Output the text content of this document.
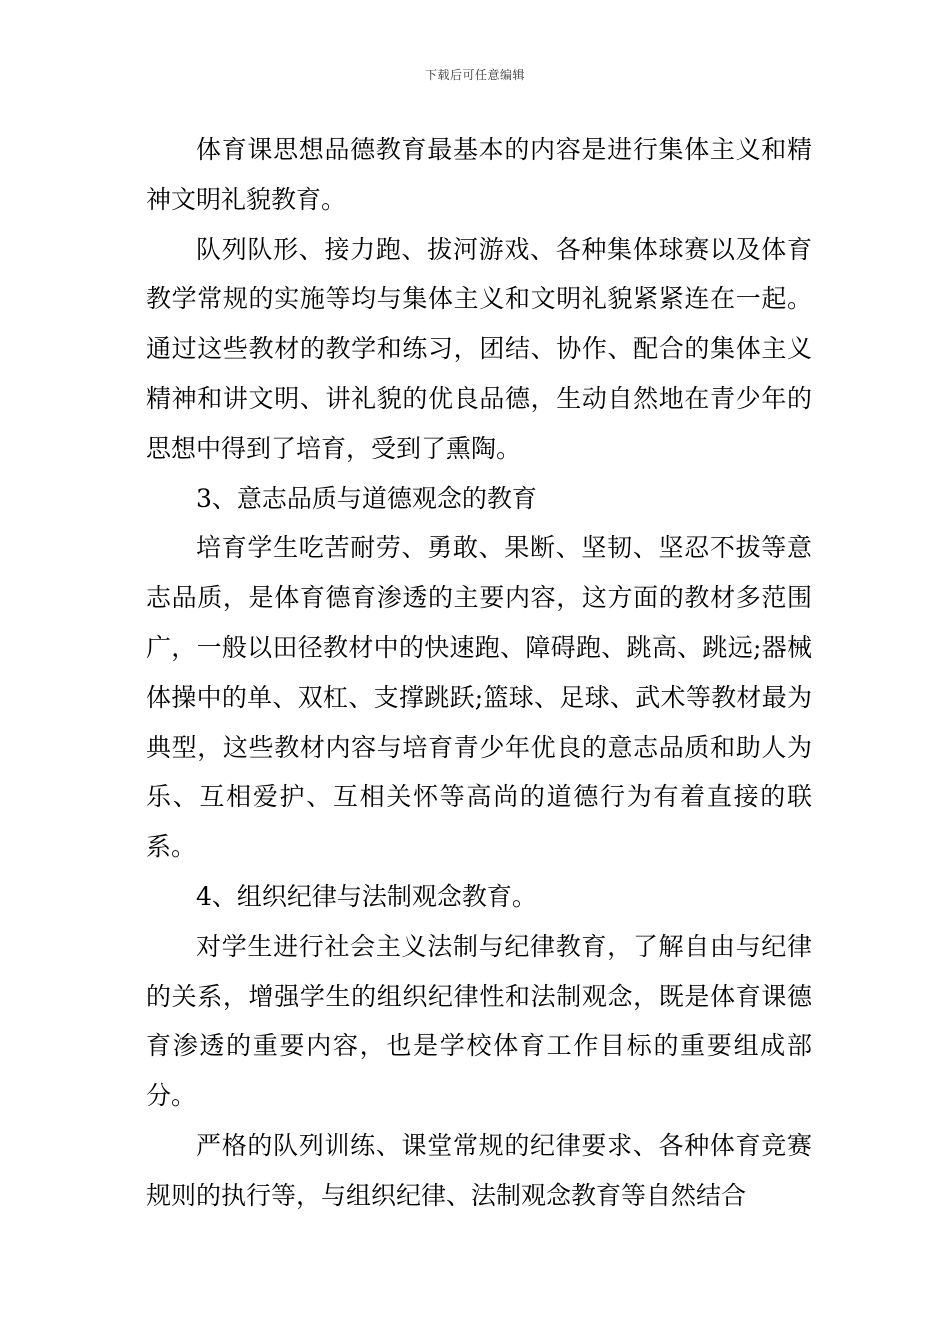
下载后可任意编辑

体育课思想品德教育最基本的内容是进行集体主义和精神文明礼貌教育。

队列队形、接力跑、拔河游戏、各种集体球赛以及体育教学常规的实施等均与集体主义和文明礼貌紧紧连在一起。通过这些教材的教学和练习，团结、协作、配合的集体主义精神和讲文明、讲礼貌的优良品德，生动自然地在青少年的思想中得到了培育，受到了熏陶。

3、意志品质与道德观念的教育

培育学生吃苦耐劳、勇敢、果断、坚韧、坚忍不拔等意志品质，是体育德育渗透的主要内容，这方面的教材多范围广，一般以田径教材中的快速跑、障碍跑、跳高、跳远;器械体操中的单、双杠、支撑跳跃;篮球、足球、武术等教材最为典型，这些教材内容与培育青少年优良的意志品质和助人为乐、互相爱护、互相关怀等高尚的道德行为有着直接的联系。

4、组织纪律与法制观念教育。

对学生进行社会主义法制与纪律教育，了解自由与纪律的关系，增强学生的组织纪律性和法制观念，既是体育课德育渗透的重要内容，也是学校体育工作目标的重要组成部分。

严格的队列训练、课堂常规的纪律要求、各种体育竞赛规则的执行等，与组织纪律、法制观念教育等自然结合
